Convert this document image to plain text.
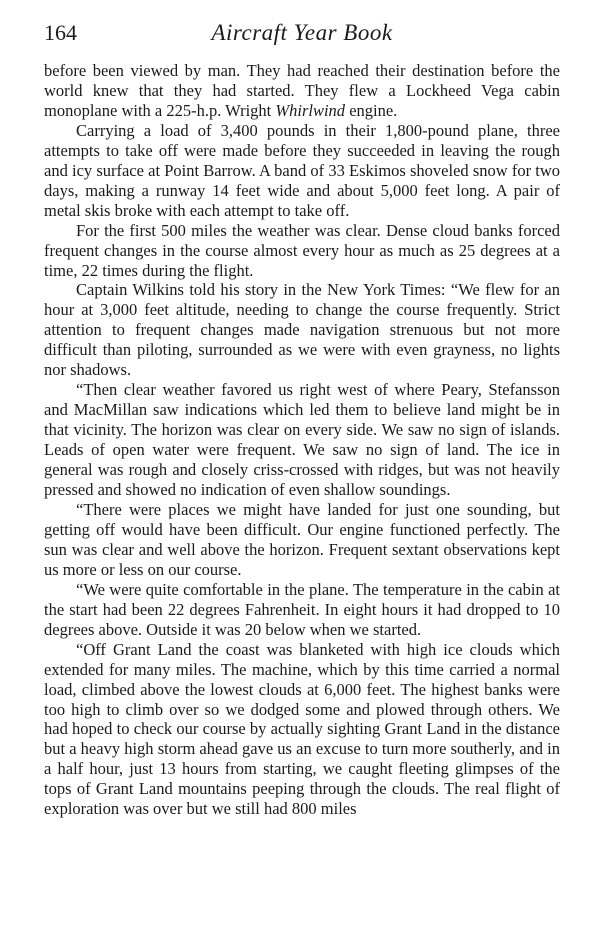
164	Aircraft Year Book

before been viewed by man. They had reached their destination before the world knew that they had started. They flew a Lockheed Vega cabin monoplane with a 225-h.p. Wright Whirlwind engine.

Carrying a load of 3,400 pounds in their 1,800-pound plane, three attempts to take off were made before they succeeded in leaving the rough and icy surface at Point Barrow. A band of 33 Eskimos shoveled snow for two days, making a runway 14 feet wide and about 5,000 feet long. A pair of metal skis broke with each attempt to take off.

For the first 500 miles the weather was clear. Dense cloud banks forced frequent changes in the course almost every hour as much as 25 degrees at a time, 22 times during the flight.

Captain Wilkins told his story in the New York Times: “We flew for an hour at 3,000 feet altitude, needing to change the course frequently. Strict attention to frequent changes made navigation strenuous but not more difficult than piloting, surrounded as we were with even grayness, no lights nor shadows.

“Then clear weather favored us right west of where Peary, Stefansson and MacMillan saw indications which led them to believe land might be in that vicinity. The horizon was clear on every side. We saw no sign of islands. Leads of open water were frequent. We saw no sign of land. The ice in general was rough and closely criss-crossed with ridges, but was not heavily pressed and showed no indication of even shallow soundings.

“There were places we might have landed for just one sounding, but getting off would have been difficult. Our engine functioned perfectly. The sun was clear and well above the horizon. Frequent sextant observations kept us more or less on our course.

“We were quite comfortable in the plane. The temperature in the cabin at the start had been 22 degrees Fahrenheit. In eight hours it had dropped to 10 degrees above. Outside it was 20 below when we started.

“Off Grant Land the coast was blanketed with high ice clouds which extended for many miles. The machine, which by this time carried a normal load, climbed above the lowest clouds at 6,000 feet. The highest banks were too high to climb over so we dodged some and plowed through others. We had hoped to check our course by actually sighting Grant Land in the distance but a heavy high storm ahead gave us an excuse to turn more southerly, and in a half hour, just 13 hours from starting, we caught fleeting glimpses of the tops of Grant Land mountains peeping through the clouds. The real flight of exploration was over but we still had 800 miles
